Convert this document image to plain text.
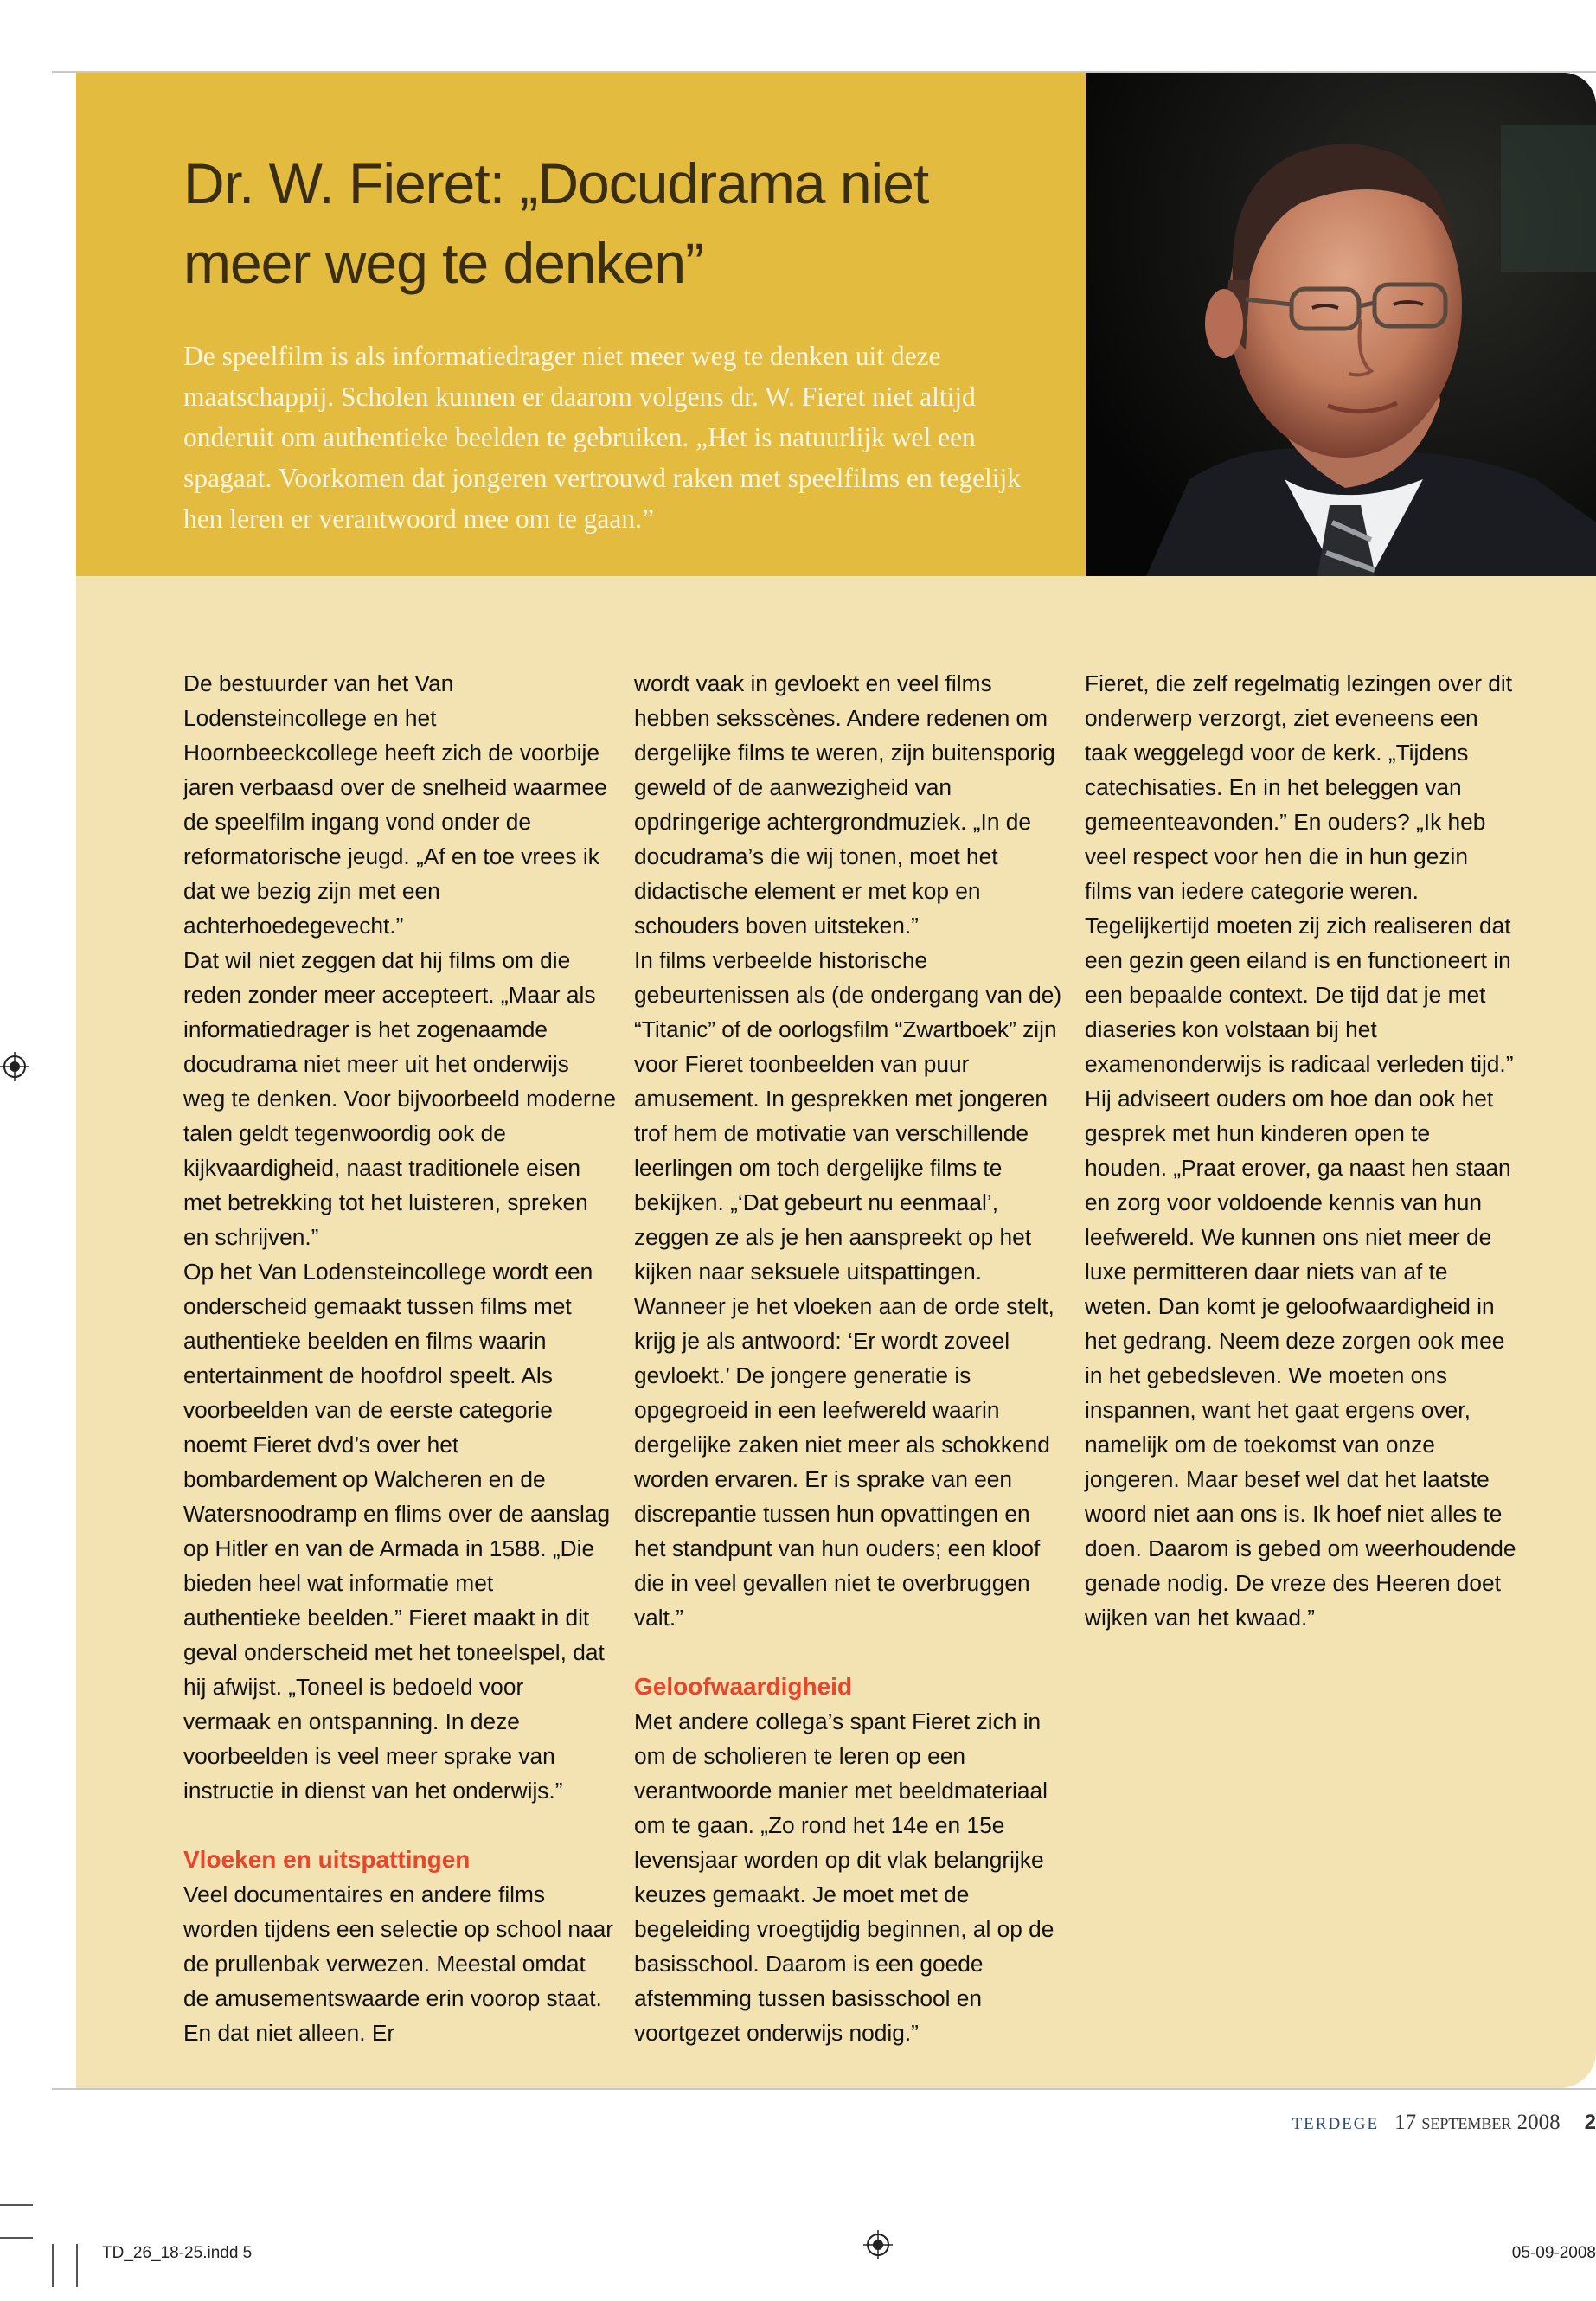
Dr. W. Fieret: „Docudrama niet
meer weg te denken”

De speelfilm is als informatiedrager niet meer weg te denken uit deze maatschappij. Scholen kunnen er daarom volgens dr. W. Fieret niet altijd onderuit om authentieke beelden te gebruiken. „Het is natuurlijk wel een spagaat. Voorkomen dat jongeren vertrouwd raken met speelfilms en tegelijk hen leren er verantwoord mee om te gaan.”

De bestuurder van het Van Lodensteincollege en het Hoornbeeckcollege heeft zich de voorbije jaren verbaasd over de snelheid waarmee de speelfilm ingang vond onder de reformatorische jeugd. „Af en toe vrees ik dat we bezig zijn met een achterhoedegevecht.”

Dat wil niet zeggen dat hij films om die reden zonder meer accepteert. „Maar als informatiedrager is het zogenaamde docudrama niet meer uit het onderwijs weg te denken. Voor bijvoorbeeld moderne talen geldt tegenwoordig ook de kijkvaardigheid, naast traditionele eisen met betrekking tot het luisteren, spreken en schrijven.”

Op het Van Lodensteincollege wordt een onderscheid gemaakt tussen films met authentieke beelden en films waarin entertainment de hoofdrol speelt. Als voorbeelden van de eerste categorie noemt Fieret dvd’s over het bombardement op Walcheren en de Watersnoodramp en flims over de aanslag op Hitler en van de Armada in 1588. „Die bieden heel wat informatie met authentieke beelden.” Fieret maakt in dit geval onderscheid met het toneelspel, dat hij afwijst. „Toneel is bedoeld voor vermaak en ontspanning. In deze voorbeelden is veel meer sprake van instructie in dienst van het onderwijs.”

Vloeken en uitspattingen

Veel documentaires en andere films worden tijdens een selectie op school naar de prullenbak verwezen. Meestal omdat de amusementswaarde erin voorop staat. En dat niet alleen. Er

wordt vaak in gevloekt en veel films hebben seksscènes. Andere redenen om dergelijke films te weren, zijn buitensporig geweld of de aanwezigheid van opdringerige achtergrondmuziek. „In de docudrama’s die wij tonen, moet het didactische element er met kop en schouders boven uitsteken.”

In films verbeelde historische gebeurtenissen als (de ondergang van de) “Titanic” of de oorlogsfilm “Zwartboek” zijn voor Fieret toonbeelden van puur amusement. In gesprekken met jongeren trof hem de motivatie van verschillende leerlingen om toch dergelijke films te bekijken. „‘Dat gebeurt nu eenmaal’, zeggen ze als je hen aanspreekt op het kijken naar seksuele uitspattingen. Wanneer je het vloeken aan de orde stelt, krijg je als antwoord: ‘Er wordt zoveel gevloekt.’ De jongere generatie is opgegroeid in een leefwereld waarin dergelijke zaken niet meer als schokkend worden ervaren. Er is sprake van een discrepantie tussen hun opvattingen en het standpunt van hun ouders; een kloof die in veel gevallen niet te overbruggen valt.”

Geloofwaardigheid

Met andere collega’s spant Fieret zich in om de scholieren te leren op een verantwoorde manier met beeldmateriaal om te gaan. „Zo rond het 14e en 15e levensjaar worden op dit vlak belangrijke keuzes gemaakt. Je moet met de begeleiding vroegtijdig beginnen, al op de basisschool. Daarom is een goede afstemming tussen basisschool en voortgezet onderwijs nodig.”

Fieret, die zelf regelmatig lezingen over dit onderwerp verzorgt, ziet eveneens een taak weggelegd voor de kerk. „Tijdens catechisaties. En in het beleggen van gemeenteavonden.” En ouders? „Ik heb veel respect voor hen die in hun gezin films van iedere categorie weren. Tegelijkertijd moeten zij zich realiseren dat een gezin geen eiland is en functioneert in een bepaalde context. De tijd dat je met diaseries kon volstaan bij het examenonderwijs is radicaal verleden tijd.”

Hij adviseert ouders om hoe dan ook het gesprek met hun kinderen open te houden. „Praat erover, ga naast hen staan en zorg voor voldoende kennis van hun leefwereld. We kunnen ons niet meer de luxe permitteren daar niets van af te weten. Dan komt je geloofwaardigheid in het gedrang. Neem deze zorgen ook mee in het gebedsleven. We moeten ons inspannen, want het gaat ergens over, namelijk om de toekomst van onze jongeren. Maar besef wel dat het laatste woord niet aan ons is. Ik hoef niet alles te doen. Daarom is gebed om weerhoudende genade nodig. De vreze des Heeren doet wijken van het kwaad.”

TERDEGE 17 september 2008 2
TD_26_18-25.indd 5	05-09-2008
